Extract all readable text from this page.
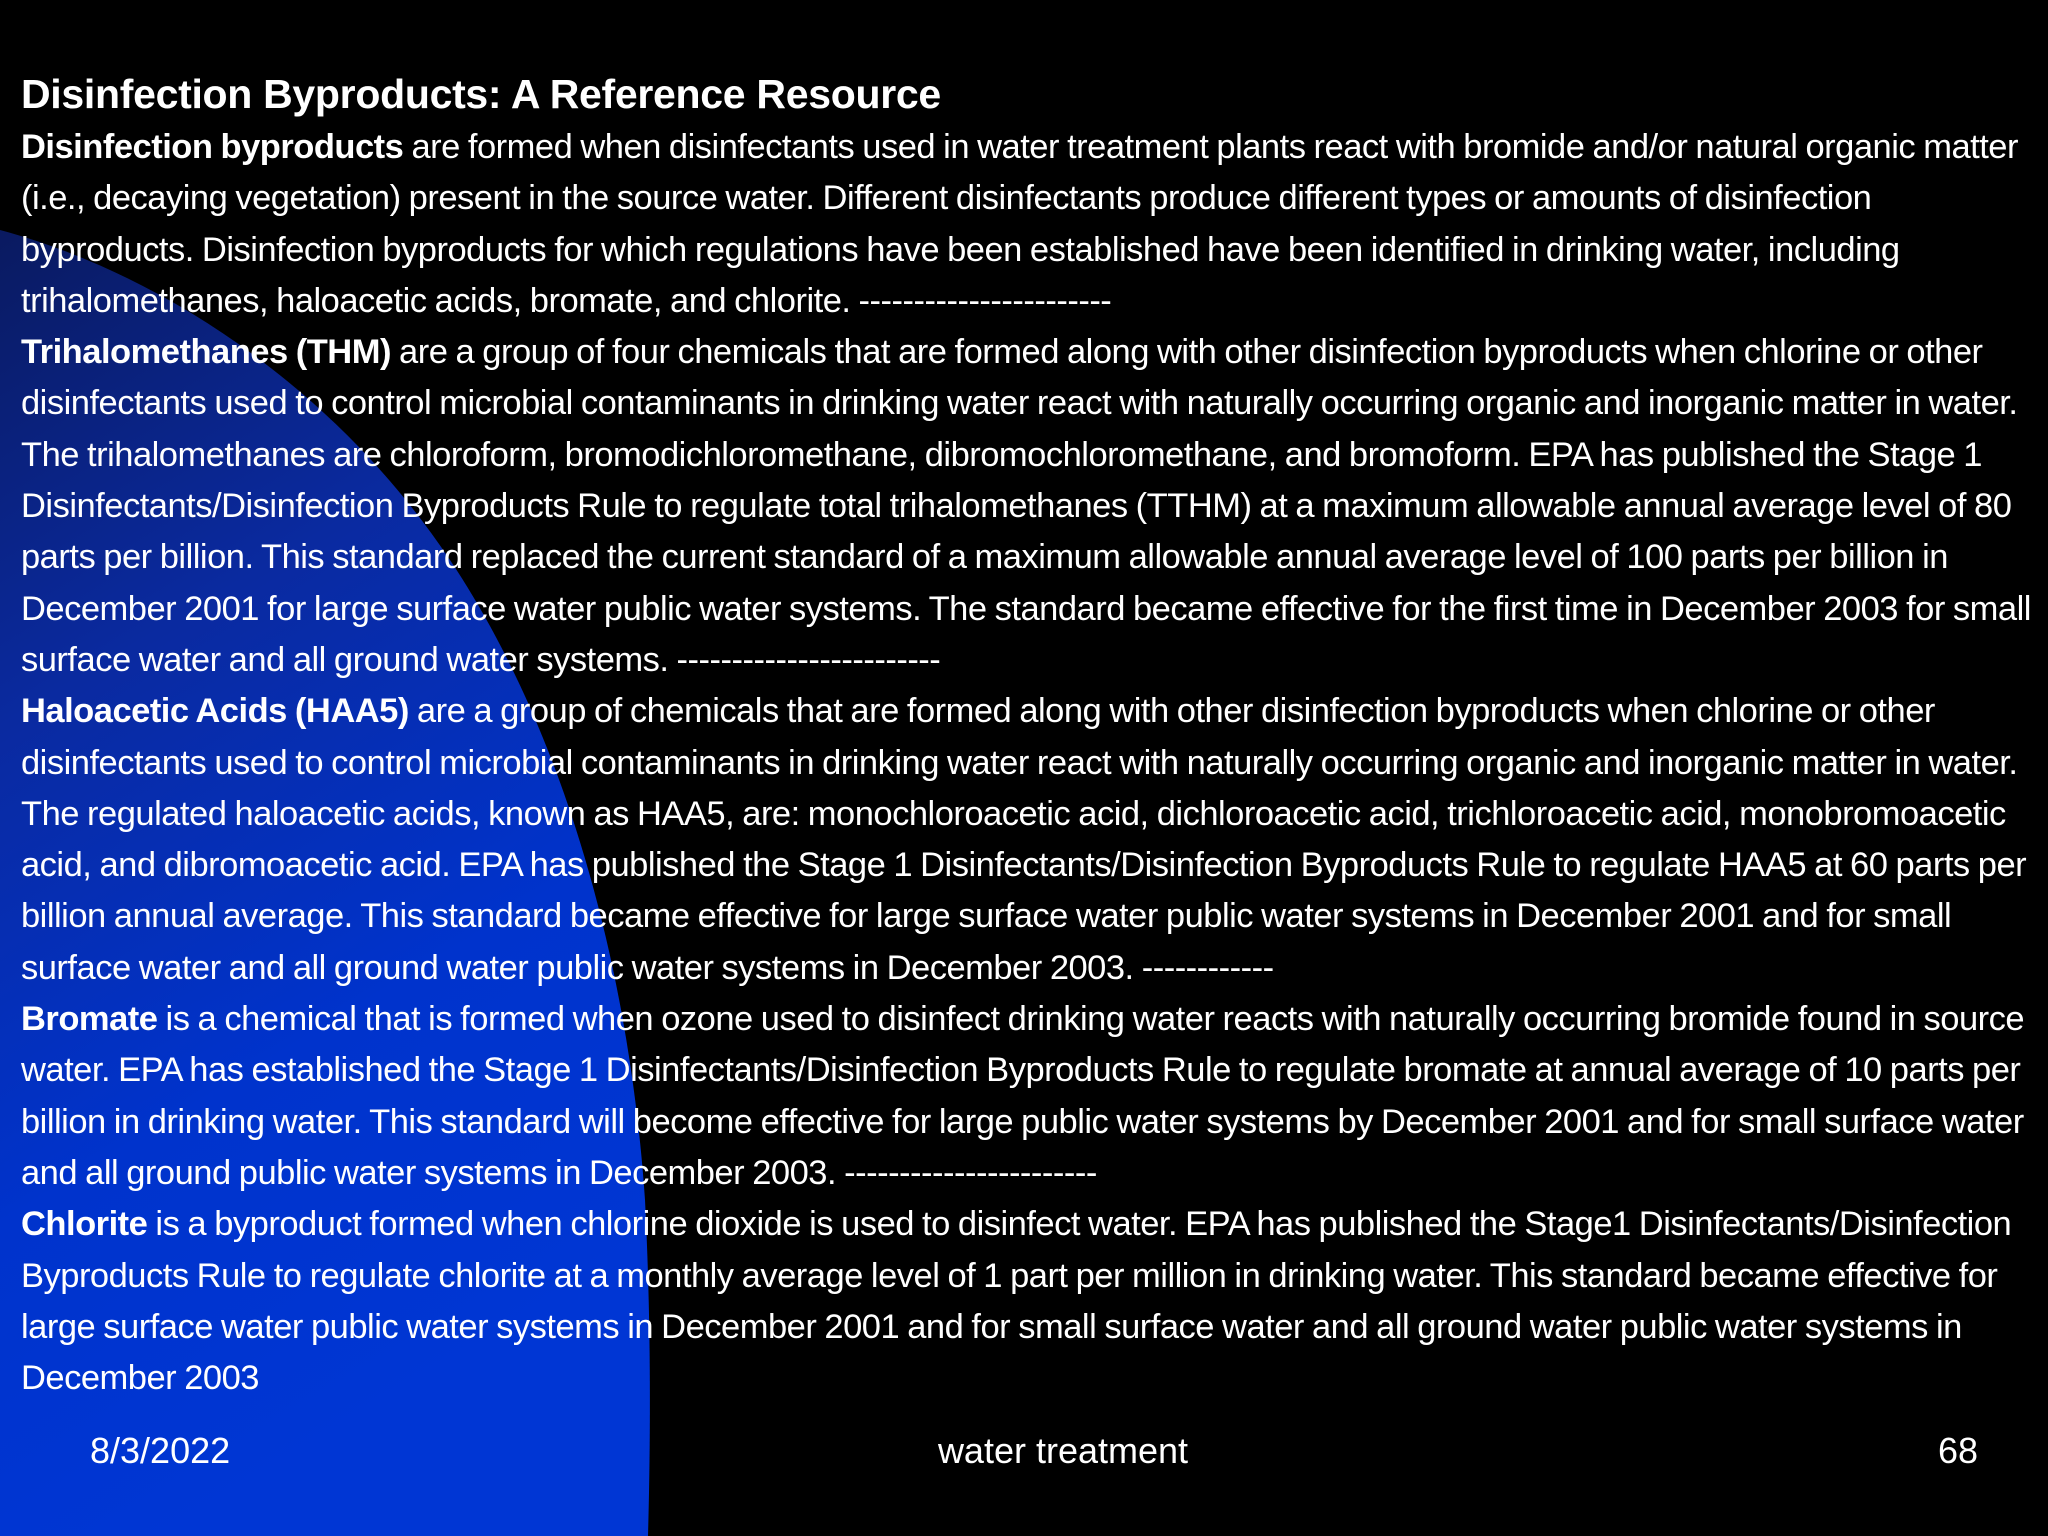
Disinfection Byproducts: A Reference Resource

Disinfection byproducts are formed when disinfectants used in water treatment plants react with bromide and/or natural organic matter (i.e., decaying vegetation) present in the source water. Different disinfectants produce different types or amounts of disinfection byproducts. Disinfection byproducts for which regulations have been established have been identified in drinking water, including trihalomethanes, haloacetic acids, bromate, and chlorite. -----------------------

Trihalomethanes (THM) are a group of four chemicals that are formed along with other disinfection byproducts when chlorine or other disinfectants used to control microbial contaminants in drinking water react with naturally occurring organic and inorganic matter in water. The trihalomethanes are chloroform, bromodichloromethane, dibromochloromethane, and bromoform. EPA has published the Stage 1 Disinfectants/Disinfection Byproducts Rule to regulate total trihalomethanes (TTHM) at a maximum allowable annual average level of 80 parts per billion. This standard replaced the current standard of a maximum allowable annual average level of 100 parts per billion in December 2001 for large surface water public water systems. The standard became effective for the first time in December 2003 for small surface water and all ground water systems. ------------------------

Haloacetic Acids (HAA5) are a group of chemicals that are formed along with other disinfection byproducts when chlorine or other disinfectants used to control microbial contaminants in drinking water react with naturally occurring organic and inorganic matter in water. The regulated haloacetic acids, known as HAA5, are: monochloroacetic acid, dichloroacetic acid, trichloroacetic acid, monobromoacetic acid, and dibromoacetic acid. EPA has published the Stage 1 Disinfectants/Disinfection Byproducts Rule to regulate HAA5 at 60 parts per billion annual average. This standard became effective for large surface water public water systems in December 2001 and for small surface water and all ground water public water systems in December 2003. ------------

Bromate is a chemical that is formed when ozone used to disinfect drinking water reacts with naturally occurring bromide found in source water. EPA has established the Stage 1 Disinfectants/Disinfection Byproducts Rule to regulate bromate at annual average of 10 parts per billion in drinking water. This standard will become effective for large public water systems by December 2001 and for small surface water and all ground public water systems in December 2003. -----------------------

Chlorite is a byproduct formed when chlorine dioxide is used to disinfect water. EPA has published the Stage1 Disinfectants/Disinfection Byproducts Rule to regulate chlorite at a monthly average level of 1 part per million in drinking water. This standard became effective for large surface water public water systems in December 2001 and for small surface water and all ground water public water systems in December 2003

8/3/2022	water treatment	68
